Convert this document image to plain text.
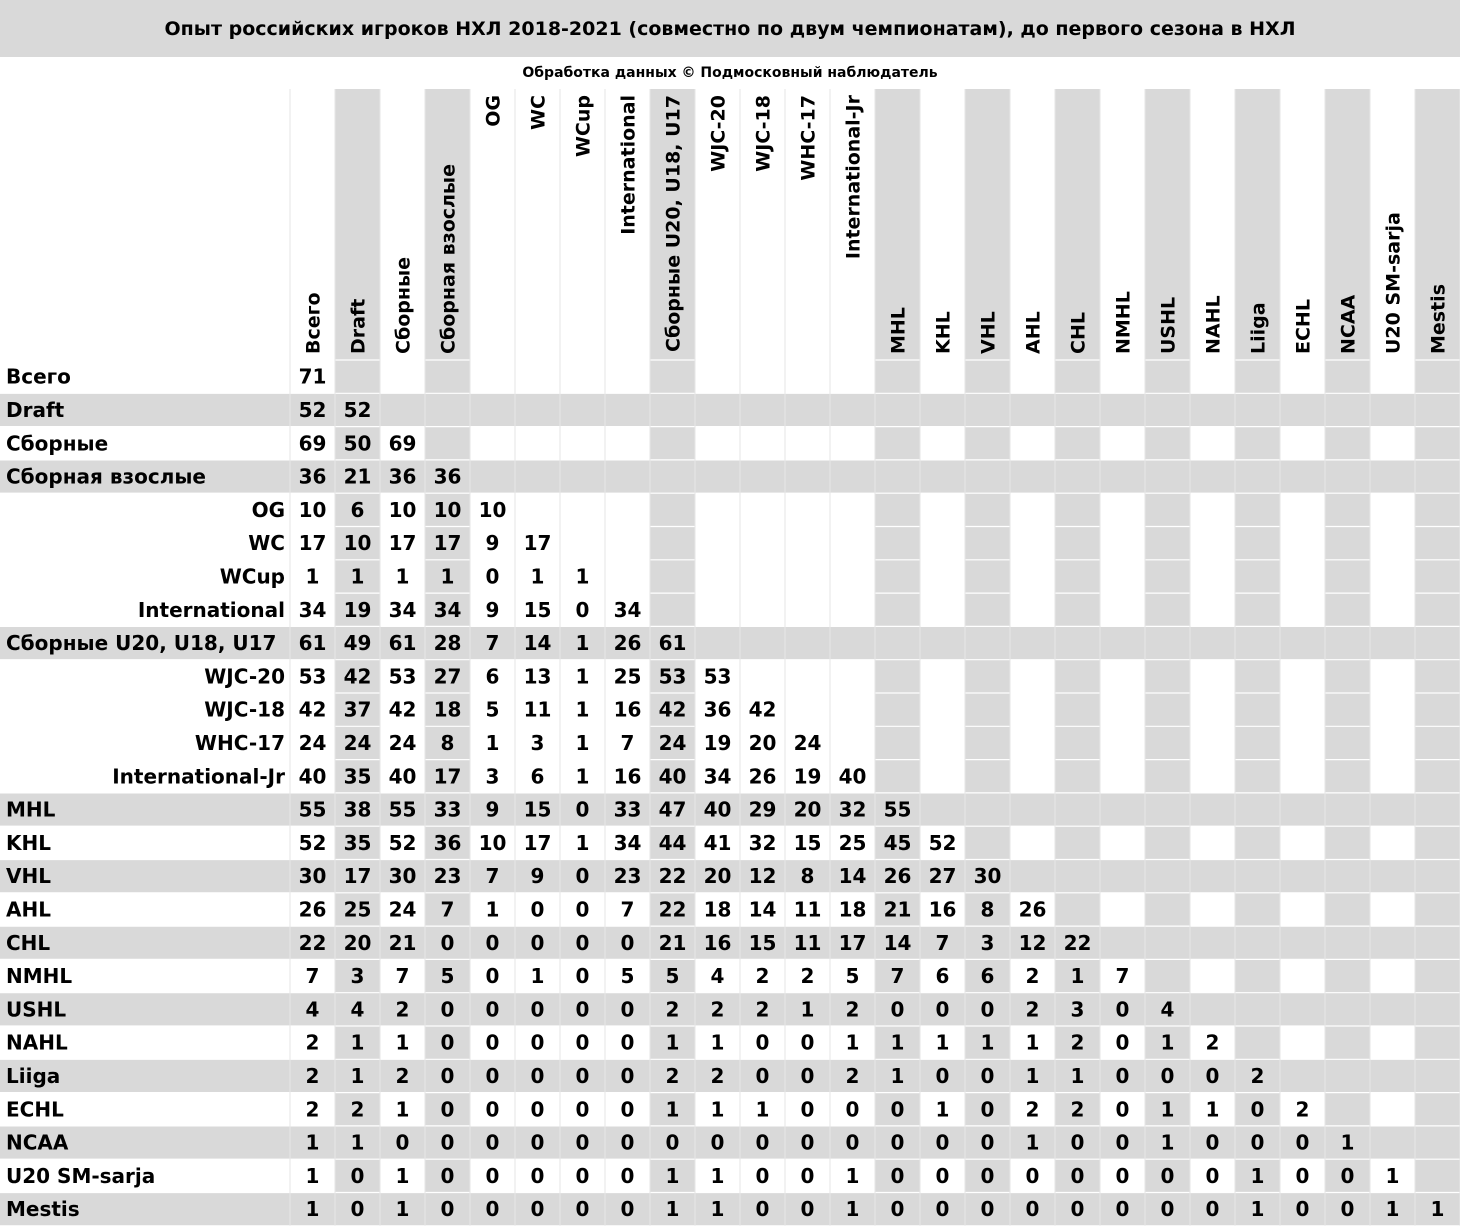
Опыт российских игроков НХЛ 2018-2021 (совместно по двум чемпионатам), до первого сезона в НХЛ
Обработка данных © Подмосковный наблюдатель
Всего Draft Сборные Сборная взослые
OG WC WCup International Сборные U20, U18, U17 WJC-20 WJC-18 WHC-17 International-Jr
MHL KHL VHL AHL CHL NMHL USHL NAHL Liiga ECHL NCAA U20 SM-sarja Mestis
Всего	71
Draft	52 52
Сборные	69 50 69
Сборная взослые	36 21 36 36
OG 10 6 10 10 10
WC 17 10 17 17 9 17
WCup 1 1 1 1 0 1 1
International 34 19 34 34 9 15 0 34
Сборные U20, U18, U17 61 49 61 28 7 14 1 26 61
WJC-20 53 42 53 27 6 13 1 25 53 53
WJC-18 42 37 42 18 5 11 1 16 42 36 42
WHC-17 24 24 24 8 1 3 1 7 24 19 20 24
International-Jr 40 35 40 17 3 6 1 16 40 34 26 19 40
MHL	55 38 55 33 9 15 0 33 47 40 29 20 32 55
KHL	52 35 52 36 10 17 1 34 44 41 32 15 25 45 52
VHL	30 17 30 23 7 9 0 23 22 20 12 8 14 26 27 30
AHL	26 25 24 7 1 0 0 7 22 18 14 11 18 21 16 8 26
CHL	22 20 21 0 0 0 0 0 21 16 15 11 17 14 7 3 12 22
NMHL	7 3 7 5 0 1 0 5 5 4 2 2 5 7 6 6 2 1 7
USHL	4 4 2 0 0 0 0 0 2 2 2 1 2 0 0 0 2 3 0 4
NAHL	2 1 1 0 0 0 0 0 1 1 0 0 1 1 1 1 1 2 0 1 2
Liiga	2 1 2 0 0 0 0 0 2 2 0 0 2 1 0 0 1 1 0 0 0 2
ECHL	2 2 1 0 0 0 0 0 1 1 1 0 0 0 1 0 2 2 0 1 1 0 2
NCAA	1 1 0 0 0 0 0 0 0 0 0 0 0 0 0 0 1 0 0 1 0 0 0 1
U20 SM-sarja	1 0 1 0 0 0 0 0 1 1 0 0 1 0 0 0 0 0 0 0 0 1 0 0 1
Mestis	1 0 1 0 0 0 0 0 1 1 0 0 1 0 0 0 0 0 0 0 0 1 0 0 1 1
